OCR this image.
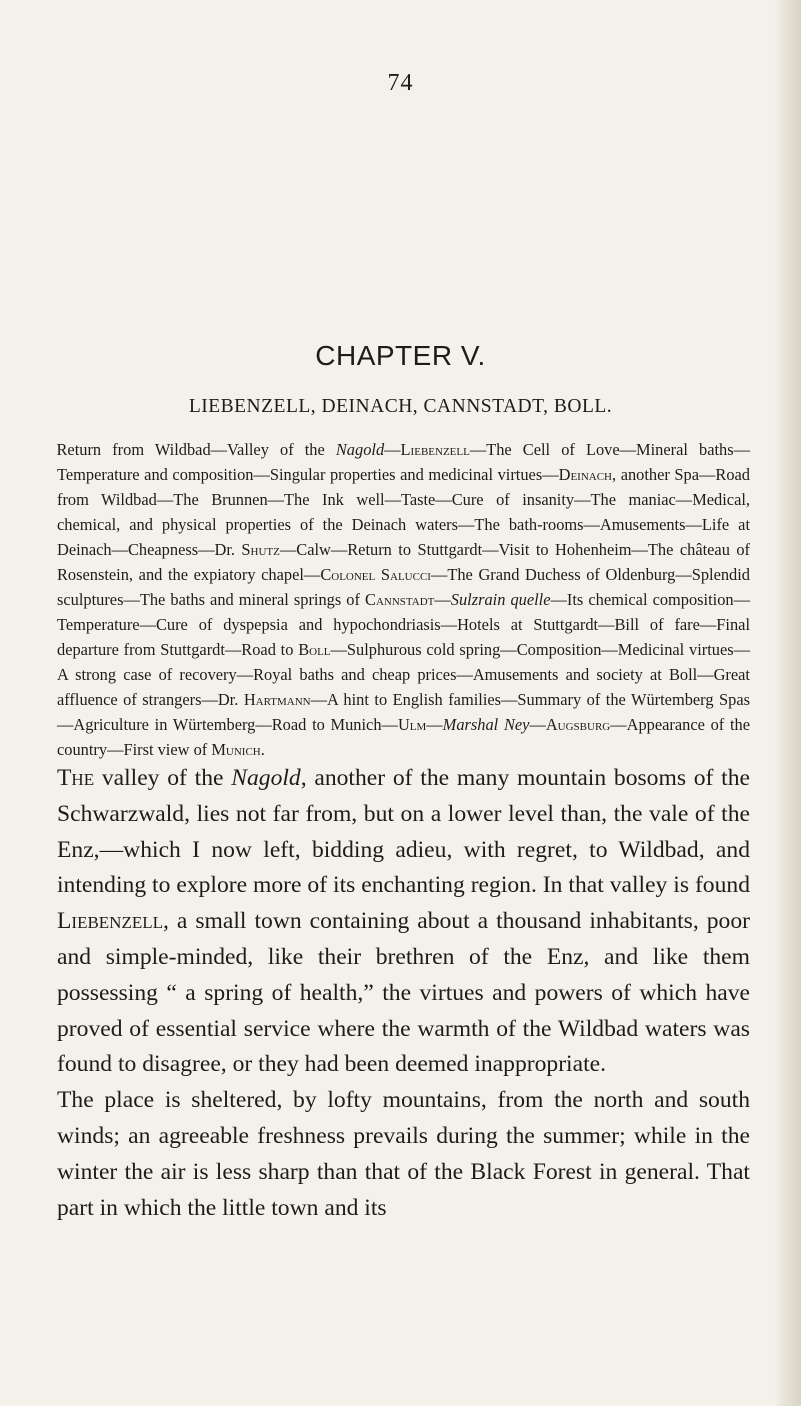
74
CHAPTER V.
LIEBENZELL, DEINACH, CANNSTADT, BOLL.
Return from Wildbad—Valley of the Nagold—Liebenzell—The Cell of Love—Mineral baths—Temperature and composition—Singular properties and medicinal virtues—Deinach, another Spa—Road from Wildbad—The Brunnen—The Ink well—Taste—Cure of insanity—The maniac—Medical, chemical, and physical properties of the Deinach waters—The bath-rooms—Amusements—Life at Deinach—Cheapness—Dr. Shutz—Calw—Return to Stuttgardt—Visit to Hohenheim—The château of Rosenstein, and the expiatory chapel—Colonel Salucci—The Grand Duchess of Oldenburg—Splendid sculptures—The baths and mineral springs of Cannstadt—Sulzrain quelle—Its chemical composition—Temperature—Cure of dyspepsia and hypochondriasis—Hotels at Stuttgardt—Bill of fare—Final departure from Stuttgardt—Road to Boll—Sulphurous cold spring—Composition—Medicinal virtues—A strong case of recovery—Royal baths and cheap prices—Amusements and society at Boll—Great affluence of strangers—Dr. Hartmann—A hint to English families—Summary of the Würtemberg Spas—Agriculture in Würtemberg—Road to Munich—Ulm—Marshal Ney—Augsburg—Appearance of the country—First view of Munich.

The valley of the Nagold, another of the many mountain bosoms of the Schwarzwald, lies not far from, but on a lower level than, the vale of the Enz,—which I now left, bidding adieu, with regret, to Wildbad, and intending to explore more of its enchanting region. In that valley is found Liebenzell, a small town containing about a thousand inhabitants, poor and simple-minded, like their brethren of the Enz, and like them possessing “ a spring of health,” the virtues and powers of which have proved of essential service where the warmth of the Wildbad waters was found to disagree, or they had been deemed inappropriate.

The place is sheltered, by lofty mountains, from the north and south winds; an agreeable freshness prevails during the summer; while in the winter the air is less sharp than that of the Black Forest in general. That part in which the little town and its
